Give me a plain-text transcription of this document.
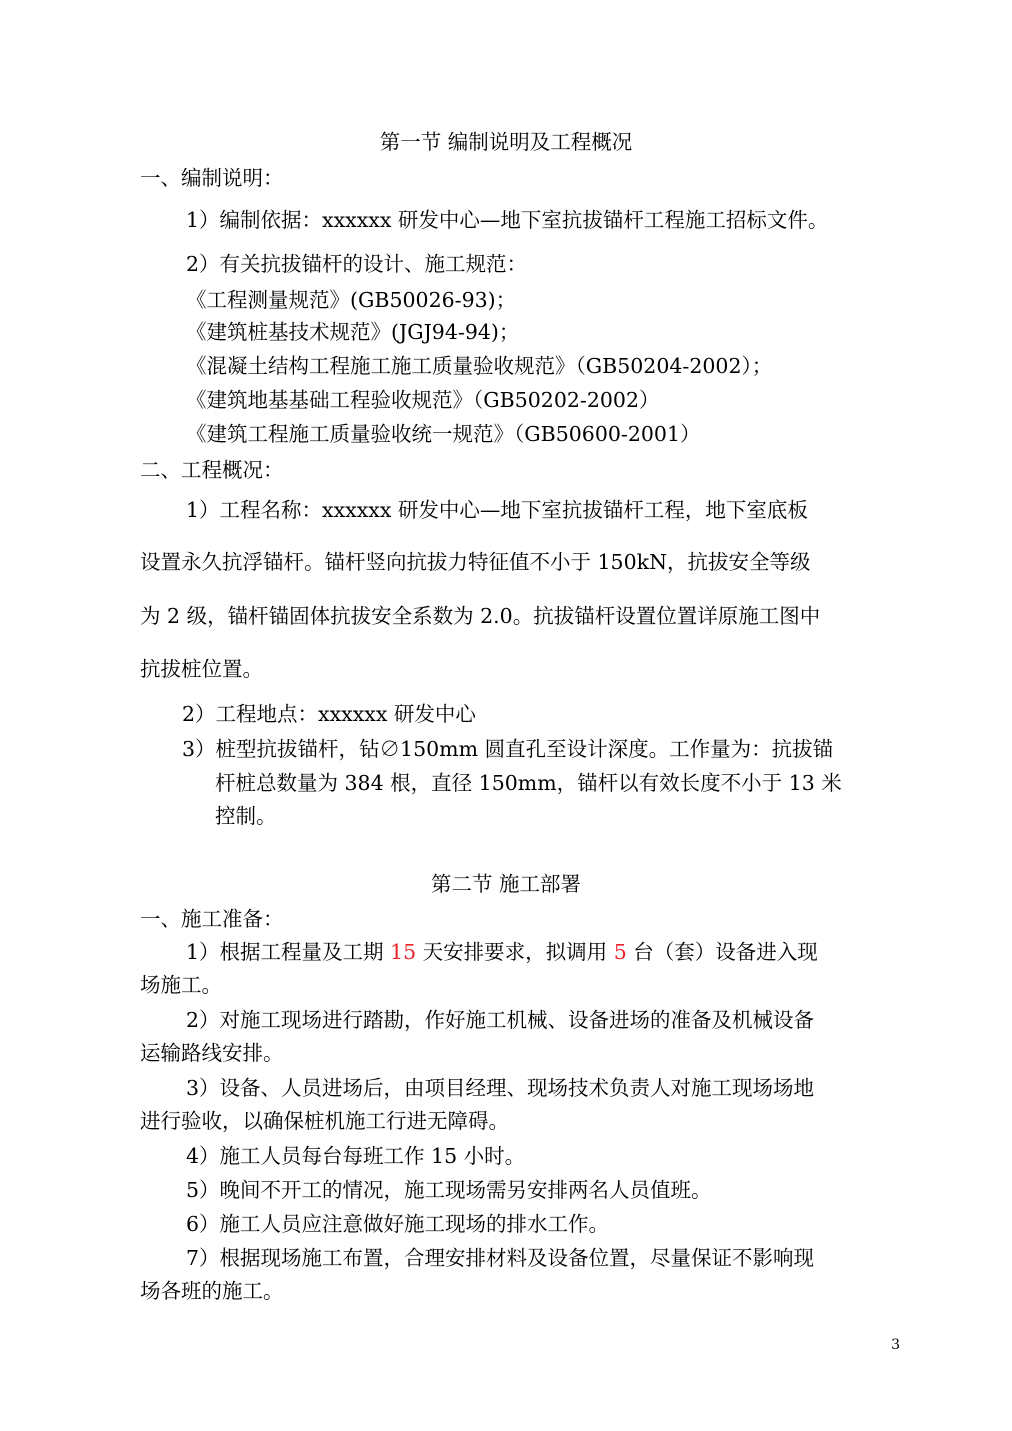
第一节 编制说明及工程概况
一、编制说明：
1）编制依据：xxxxxx 研发中心—地下室抗拔锚杆工程施工招标文件。
2）有关抗拔锚杆的设计、施工规范：
《工程测量规范》(GB50026-93)；
《建筑桩基技术规范》(JGJ94-94)；
《混凝土结构工程施工施工质量验收规范》（GB50204-2002）；
《建筑地基基础工程验收规范》（GB50202-2002）
《建筑工程施工质量验收统一规范》（GB50600-2001）
二、工程概况：
1）工程名称：xxxxxx 研发中心—地下室抗拔锚杆工程，地下室底板
设置永久抗浮锚杆。锚杆竖向抗拔力特征值不小于 150kN，抗拔安全等级
为 2 级，锚杆锚固体抗拔安全系数为 2.0。抗拔锚杆设置位置详原施工图中
抗拔桩位置。
2）工程地点：xxxxxx 研发中心
3）桩型抗拔锚杆，钻∅150mm 圆直孔至设计深度。工作量为：抗拔锚
杆桩总数量为 384 根，直径 150mm，锚杆以有效长度不小于 13 米
控制。
第二节 施工部署
一、施工准备：
1）根据工程量及工期 15 天安排要求，拟调用 5 台（套）设备进入现
场施工。
2）对施工现场进行踏勘，作好施工机械、设备进场的准备及机械设备
运输路线安排。
3）设备、人员进场后，由项目经理、现场技术负责人对施工现场场地
进行验收，以确保桩机施工行进无障碍。
4）施工人员每台每班工作 15 小时。
5）晚间不开工的情况，施工现场需另安排两名人员值班。
6）施工人员应注意做好施工现场的排水工作。
7）根据现场施工布置，合理安排材料及设备位置，尽量保证不影响现
场各班的施工。
3
